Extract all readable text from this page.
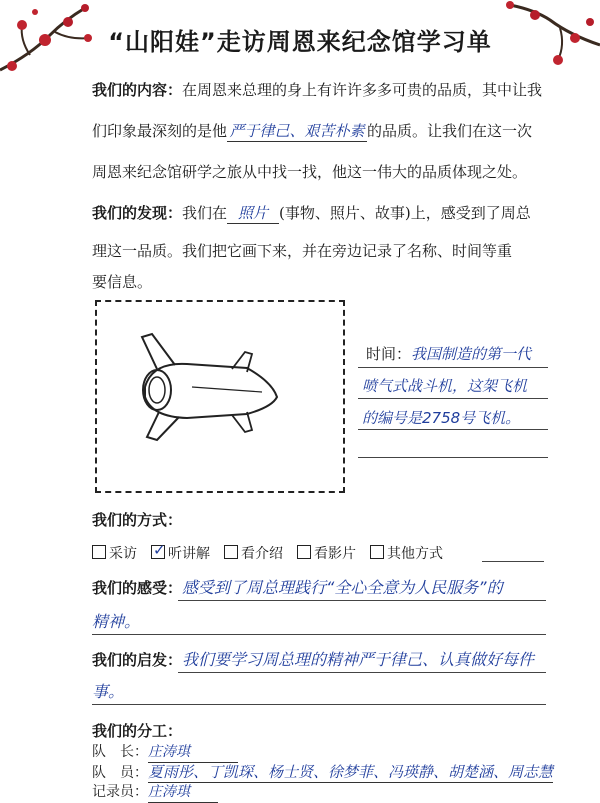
“山阳娃”走访周恩来纪念馆学习单
我们的内容：在周恩来总理的身上有许许多多可贵的品质，其中让我
们印象最深刻的是他 严于律己、艰苦朴素 的品质。让我们在这一次
周恩来纪念馆研学之旅从中找一找，他这一伟大的品质体现之处。
我们的发现：我们在 照片 (事物、照片、故事)上，感受到了周总
理这一品质。我们把它画下来，并在旁边记录了名称、时间等重
要信息。
时间：我国制造的第一代
喷气式战斗机，这架飞机
的编号是2758号飞机。
我们的方式：
采访✓ 听讲解 看介绍 看影片 其他方式
我们的感受：感受到了周总理践行“全心全意为人民服务”的
精神。
我们的启发：我们要学习周总理的精神严于律己、认真做好每件
事。
我们的分工：
队　长：庄涛琪
队　员：夏雨彤、丁凯琛、杨士贤、徐梦菲、冯瑛静、胡楚涵、周志慧
记录员：庄涛琪
